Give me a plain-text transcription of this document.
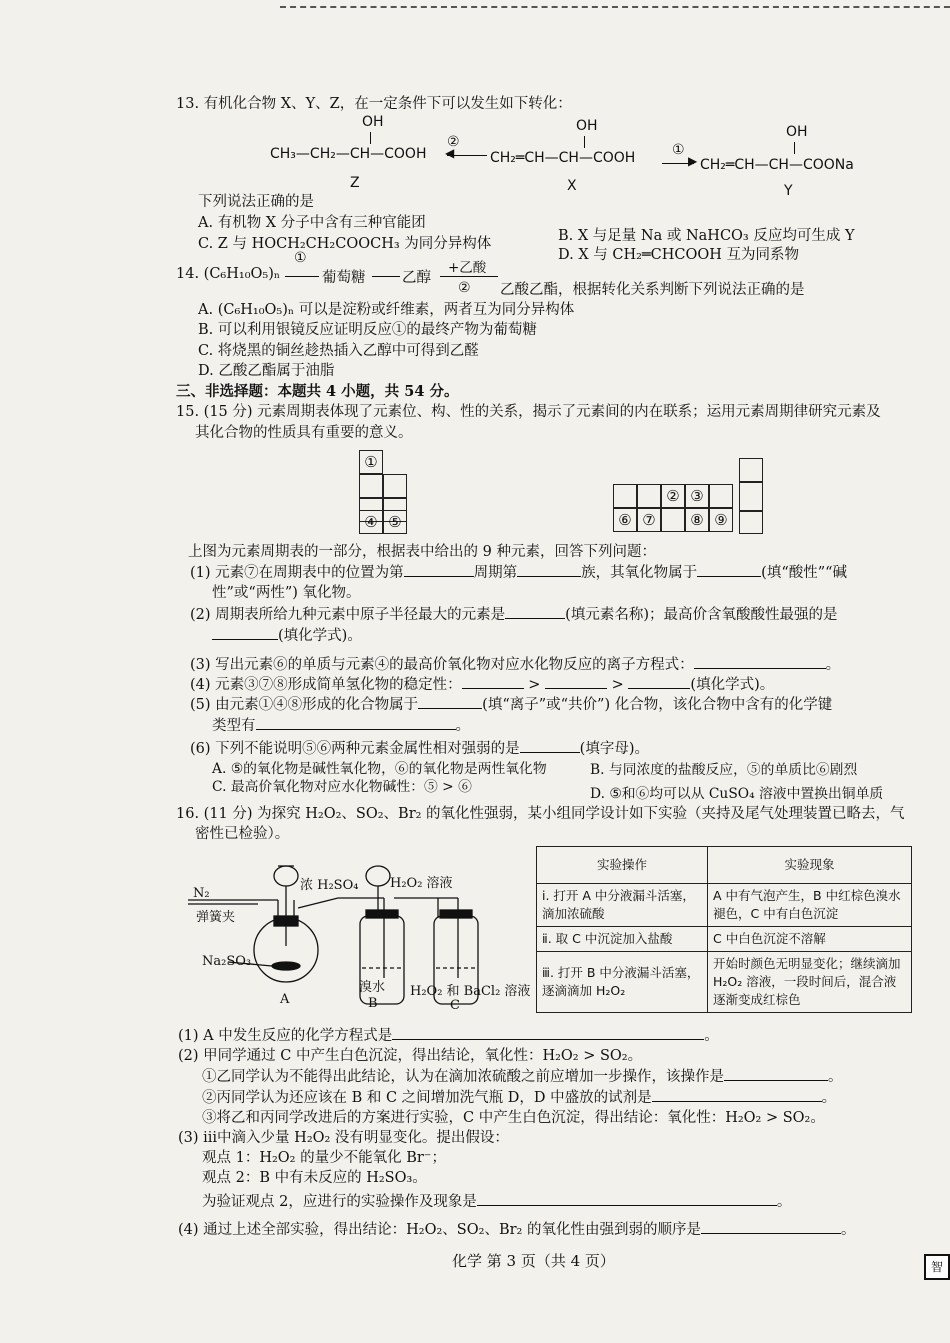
13. 有机化合物 X、Y、Z，在一定条件下可以发生如下转化：
OH
CH₃—CH₂—CH—COOH
②
◀
OH
CH₂═CH—CH—COOH	①
▶
OH
CH₂═CH—CH—COONa
Z	X	Y
下列说法正确的是
A. 有机物 X 分子中含有三种官能团
B. X 与足量 Na 或 NaHCO₃ 反应均可生成 Y
C. Z 与 HOCH₂CH₂COOCH₃ 为同分异构体
D. X 与 CH₂═CHCOOH 互为同系物
14. (C₆H₁₀O₅)ₙ
①
葡萄糖	乙醇
+乙酸
② 乙酸乙酯，根据转化关系判断下列说法正确的是
A. (C₆H₁₀O₅)ₙ 可以是淀粉或纤维素，两者互为同分异构体
B. 可以利用银镜反应证明反应①的最终产物为葡萄糖
C. 将烧黑的铜丝趁热插入乙醇中可得到乙醛
D. 乙酸乙酯属于油脂
三、非选择题：本题共 4 小题，共 54 分。
15. (15 分) 元素周期表体现了元素位、构、性的关系，揭示了元素间的内在联系；运用元素周期律研究元素及
其化合物的性质具有重要的意义。
①
④ ⑤
② ③
⑥ ⑦	⑧ ⑨
上图为元素周期表的一部分，根据表中给出的 9 种元素，回答下列问题：
(1) 元素⑦在周期表中的位置为第	周期第	族，其氧化物属于	(填“酸性”“碱
性”或“两性”) 氧化物。
(2) 周期表所给九种元素中原子半径最大的元素是	(填元素名称)；最高价含氧酸酸性最强的是
(填化学式)。
(3) 写出元素⑥的单质与元素④的最高价氧化物对应水化物反应的离子方程式：	。
(4) 元素③⑦⑧形成简单氢化物的稳定性：	>	>	(填化学式)。
(5) 由元素①④⑧形成的化合物属于	(填“离子”或“共价”) 化合物，该化合物中含有的化学键
类型有	。
(6) 下列不能说明⑤⑥两种元素金属性相对强弱的是	(填字母)。
A. ⑤的氧化物是碱性氧化物，⑥的氧化物是两性氧化物	B. 与同浓度的盐酸反应，⑤的单质比⑥剧烈
C. 最高价氧化物对应水化物碱性：⑤ > ⑥	D. ⑤和⑥均可以从 CuSO₄ 溶液中置换出铜单质
16. (11 分) 为探究 H₂O₂、SO₂、Br₂ 的氧化性强弱，某小组同学设计如下实验（夹持及尾气处理装置已略去，气
密性已检验）。
N₂
弹簧夹
浓 H₂SO₄ H₂O₂ 溶液
Na₂SO₃
溴水 H₂O₂ 和 BaCl₂ 溶液
A	B	C
实验操作	实验现象
ⅰ. 打开 A 中分液漏斗活塞，滴加浓硫酸	A 中有气泡产生，B 中红棕色溴水褪色，C 中有白色沉淀
ⅱ. 取 C 中沉淀加入盐酸	C 中白色沉淀不溶解
ⅲ. 打开 B 中分液漏斗活塞，逐滴滴加 H₂O₂	开始时颜色无明显变化；继续滴加 H₂O₂ 溶液，一段时间后，混合液逐渐变成红棕色
(1) A 中发生反应的化学方程式是	。
(2) 甲同学通过 C 中产生白色沉淀，得出结论，氧化性：H₂O₂ > SO₂。
①乙同学认为不能得出此结论，认为在滴加浓硫酸之前应增加一步操作，该操作是	。
②丙同学认为还应该在 B 和 C 之间增加洗气瓶 D，D 中盛放的试剂是	。
③将乙和丙同学改进后的方案进行实验，C 中产生白色沉淀，得出结论：氧化性：H₂O₂ > SO₂。
(3) ⅲ中滴入少量 H₂O₂ 没有明显变化。提出假设：
观点 1：H₂O₂ 的量少不能氧化 Br⁻；
观点 2：B 中有未反应的 H₂SO₃。
为验证观点 2，应进行的实验操作及现象是	。
(4) 通过上述全部实验，得出结论：H₂O₂、SO₂、Br₂ 的氧化性由强到弱的顺序是	。
化学 第 3 页（共 4 页）	智
